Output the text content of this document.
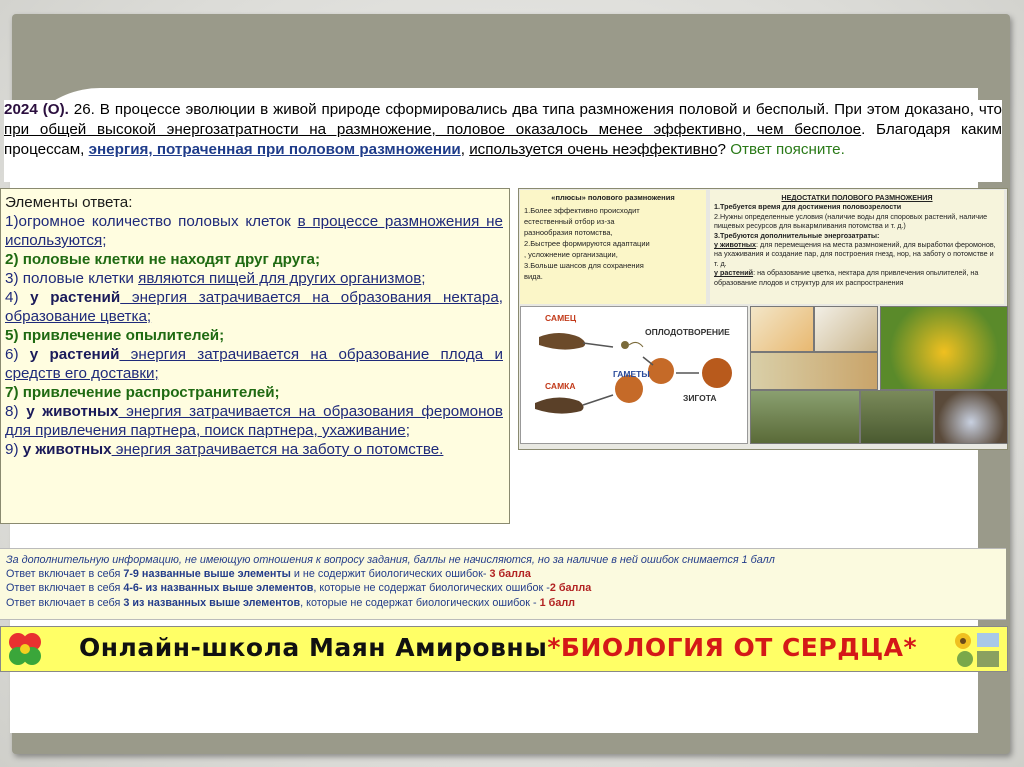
2024 (О). 26. В процессе эволюции в живой природе сформировались два типа размножения половой и бесполый. При этом доказано, что при общей высокой энергозатратности на размножение, половое оказалось менее эффективно, чем бесполое. Благодаря каким процессам, энергия, потраченная при половом размножении, используется очень неэффективно? Ответ поясните.

Элементы ответа:

1)огромное количество половых клеток в процессе размножения не используются;

2) половые клетки не находят друг друга;

3) половые клетки являются пищей для других организмов;

4) у растений энергия затрачивается на образования нектара, образование цветка;

5) привлечение опылителей;

6) у растений энергия затрачивается на образование плода и средств его доставки;

7) привлечение распространителей;

8) у животных энергия затрачивается на образования феромонов для привлечения партнера, поиск партнера, ухаживание;

9) у животных энергия затрачивается на заботу о потомстве.

«плюсы» полового размножения
1.Более эффективно происходит
естественный отбор из-за
разнообразия потомства,
2.Быстрее формируются адаптации
, усложнение организации,
3.Больше шансов для сохранения
вида.
НЕДОСТАТКИ ПОЛОВОГО РАЗМНОЖЕНИЯ
1.Требуется время для достижения половозрелости
2.Нужны определенные условия (наличие воды для споровых растений, наличие пищевых ресурсов для выкармливания потомства и т. д.)
3.Требуются дополнительные энергозатраты:
у животных: для перемещения на места размножений, для выработки феромонов, на ухаживания и создание пар, для построения гнезд, нор, на заботу о потомстве и т. д.
у растений: на образование цветка, нектара для привлечения опылителей, на образование плодов и структур для их распространения
САМЕЦ
САМКА
ОПЛОДОТВОРЕНИЕ
ГАМЕТЫ
ЗИГОТА
За дополнительную информацию, не имеющую отношения к вопросу задания, баллы не начисляются, но за наличие в ней ошибок снимается 1 балл
Ответ включает в себя 7-9 названные выше элементы и не содержит биологических ошибок- 3 балла
Ответ включает в себя 4-6- из названных выше элементов, которые не содержат биологических ошибок -2 балла
Ответ включает в себя 3 из названных выше элементов, которые не содержат биологических ошибок - 1 балл
Онлайн-школа Маян Амировны*БИОЛОГИЯ ОТ СЕРДЦА*
